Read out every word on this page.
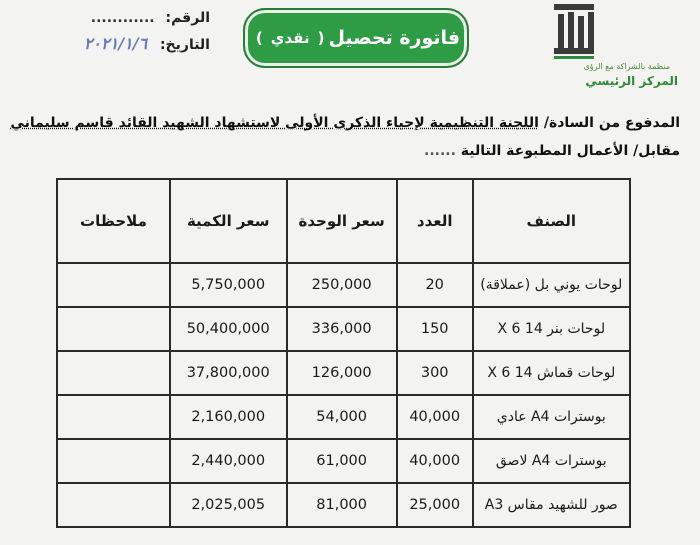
منظمة بالشراكة مع الرؤى
المركز الرئيسي
فاتورة تحصيل
(
نقدي
)
الرقم: ............
التاريخ: ٢٠٢١/١/٦
المدفوع من السادة/ اللجنة التنظيمية لإحياء الذكرى الأولى لاستشهاد الشهيد القائد قاسم سليماني
مقابل/ الأعمال المطبوعة التالية ......
الصنف	العدد	سعر الوحدة	سعر الكمية	ملاحظات
لوحات يوني بل (عملاقة)	20	250,000	5,750,000	
لوحات بنر 14 X 6	150	336,000	50,400,000	
لوحات قماش 14 X 6	300	126,000	37,800,000	
بوسترات A4 عادي	40,000	54,000	2,160,000	
بوسترات A4 لاصق	40,000	61,000	2,440,000	
صور للشهيد مقاس A3	25,000	81,000	2,025,005	
